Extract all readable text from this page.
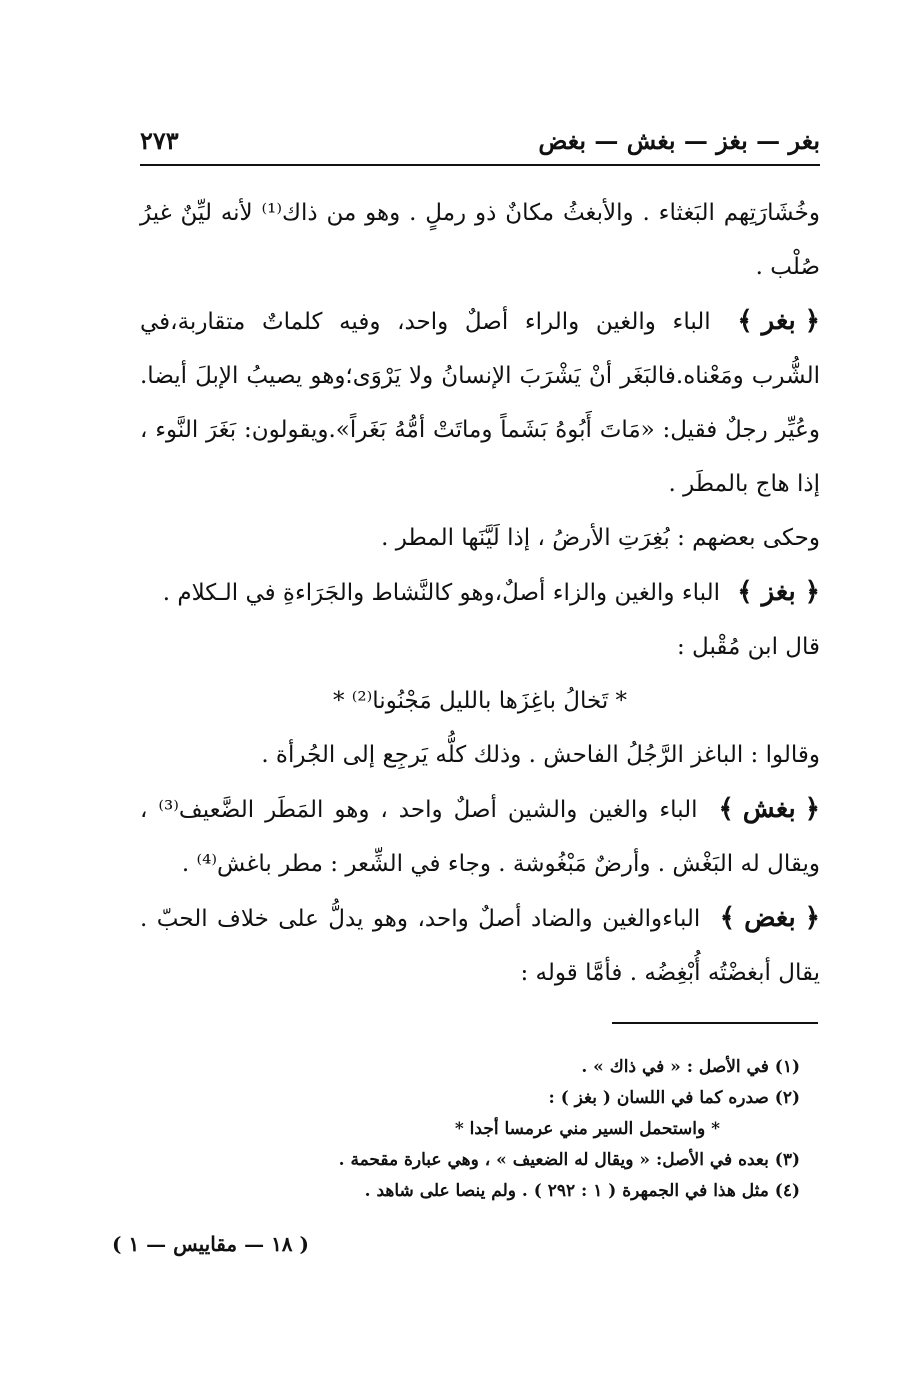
بغر — بغز — بغش — بغض
٢٧٣

وخُشَارَتِهم البَغثاء . والأبغثُ مكانٌ ذو رملٍ . وهو من ذاك⁽¹⁾ لأنه ليِّنٌ غيرُ صُلْب .

﴿ بغر ﴾ الباء والغين والراء أصلٌ واحد، وفيه كلماتٌ متقاربة،في الشُّرب ومَعْناه.فالبَغَر أنْ يَشْرَبَ الإنسانُ ولا يَرْوَى؛وهو يصيبُ الإبلَ أيضا. وعُيِّر رجلٌ فقيل: «مَاتَ أَبُوهُ بَشَماً وماتَتْ أمُّهُ بَغَراً».ويقولون: بَغَرَ النَّوء ، إذا هاج بالمطَر .

وحكى بعضهم : بُغِرَتِ الأرضُ ، إذا لَيَّنَها المطر .

﴿ بغز ﴾ الباء والغين والزاء أصلٌ،وهو كالنَّشاط والجَرَاءةِ في الـكلام .

قال ابن مُقْبل :

* تَخالُ باغِزَها بالليل مَجْنُونا⁽²⁾ *

وقالوا : الباغز الرَّجُلُ الفاحش . وذلك كلُّه يَرجِع إلى الجُرأة .

﴿ بغش ﴾ الباء والغين والشين أصلٌ واحد ، وهو المَطَر الضَّعيف⁽³⁾ ، ويقال له البَغْش . وأرضٌ مَبْغُوشة . وجاء في الشِّعر : مطر باغش⁽⁴⁾ .

﴿ بغض ﴾ الباءوالغين والضاد أصلٌ واحد، وهو يدلُّ على خلاف الحبّ . يقال أبغضْتُه أُبْغِضُه . فأمَّا قوله :

(١) في الأصل : « في ذاك » .

(٢) صدره كما في اللسان ( بغز ) :

* واستحمل السير مني عرمسا أجدا *

(٣) بعده في الأصل: « ويقال له الضعيف » ، وهي عبارة مقحمة .

(٤) مثل هذا في الجمهرة ( ١ : ٢٩٢ ) . ولم ينصا على شاهد .

( ١٨ — مقاييس — ١ )
